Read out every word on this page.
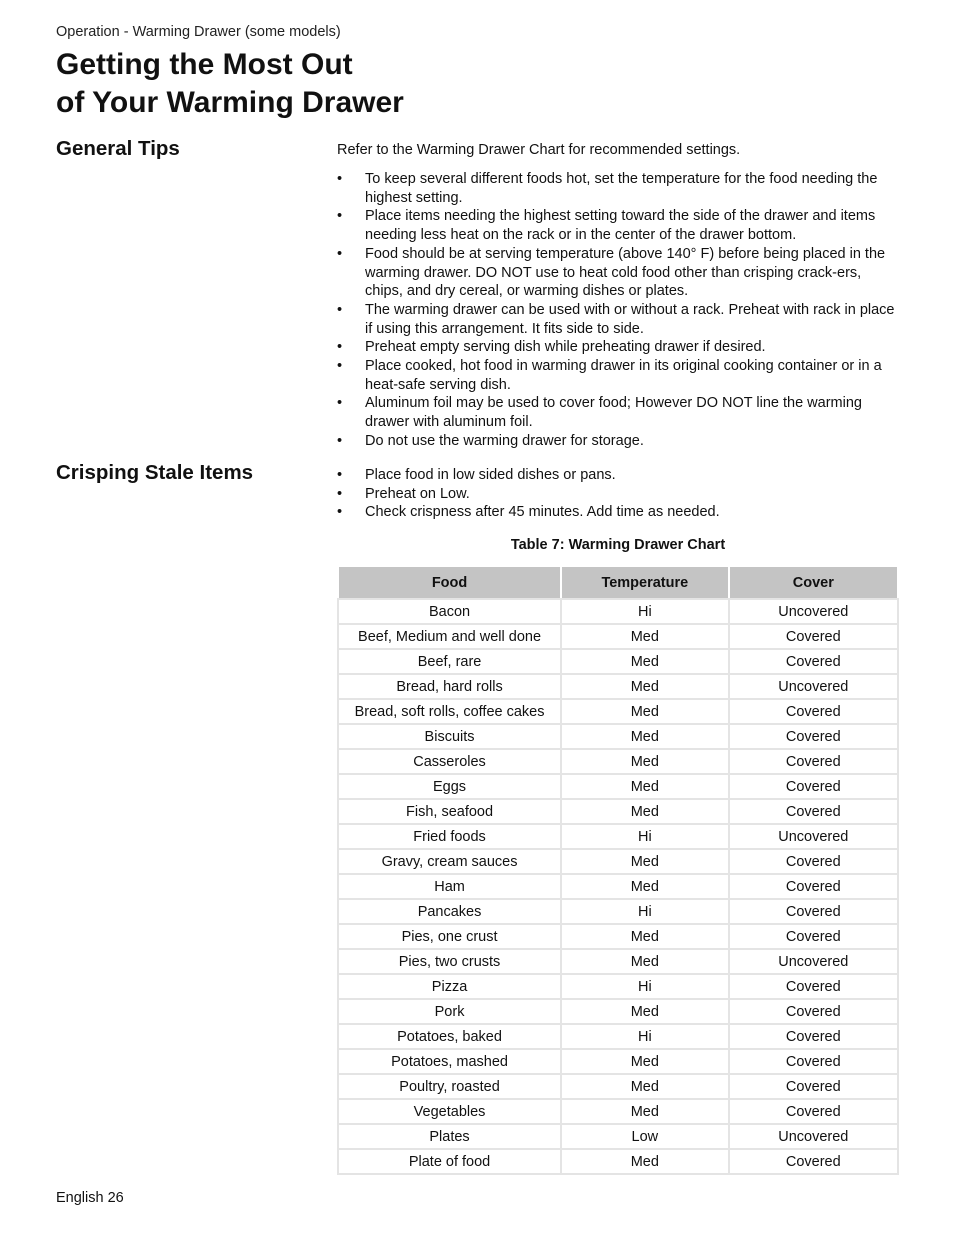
Operation - Warming Drawer (some models)
Getting the Most Out
of Your Warming Drawer
General Tips	Refer to the Warming Drawer Chart for recommended settings.

• To keep several different foods hot, set the temperature for the food needing the highest setting.
• Place items needing the highest setting toward the side of the drawer and items needing less heat on the rack or in the center of the drawer bottom.
• Food should be at serving temperature (above 140° F) before being placed in the warming drawer. DO NOT use to heat cold food other than crisping crack-ers, chips, and dry cereal, or warming dishes or plates.
• The warming drawer can be used with or without a rack. Preheat with rack in place if using this arrangement. It fits side to side.
• Preheat empty serving dish while preheating drawer if desired.
• Place cooked, hot food in warming drawer in its original cooking container or in a heat-safe serving dish.
• Aluminum foil may be used to cover food; However DO NOT line the warming drawer with aluminum foil.
• Do not use the warming drawer for storage.
Crisping Stale Items	• Place food in low sided dishes or pans.
• Preheat on Low.
• Check crispness after 45 minutes. Add time as needed.
Table 7: Warming Drawer Chart
Food	Temperature	Cover
Bacon	Hi	Uncovered
Beef, Medium and well done	Med	Covered
Beef, rare	Med	Covered
Bread, hard rolls	Med	Uncovered
Bread, soft rolls, coffee cakes	Med	Covered
Biscuits	Med	Covered
Casseroles	Med	Covered
Eggs	Med	Covered
Fish, seafood	Med	Covered
Fried foods	Hi	Uncovered
Gravy, cream sauces	Med	Covered
Ham	Med	Covered
Pancakes	Hi	Covered
Pies, one crust	Med	Covered
Pies, two crusts	Med	Uncovered
Pizza	Hi	Covered
Pork	Med	Covered
Potatoes, baked	Hi	Covered
Potatoes, mashed	Med	Covered
Poultry, roasted	Med	Covered
Vegetables	Med	Covered
Plates	Low	Uncovered
Plate of food	Med	Covered
English 26
